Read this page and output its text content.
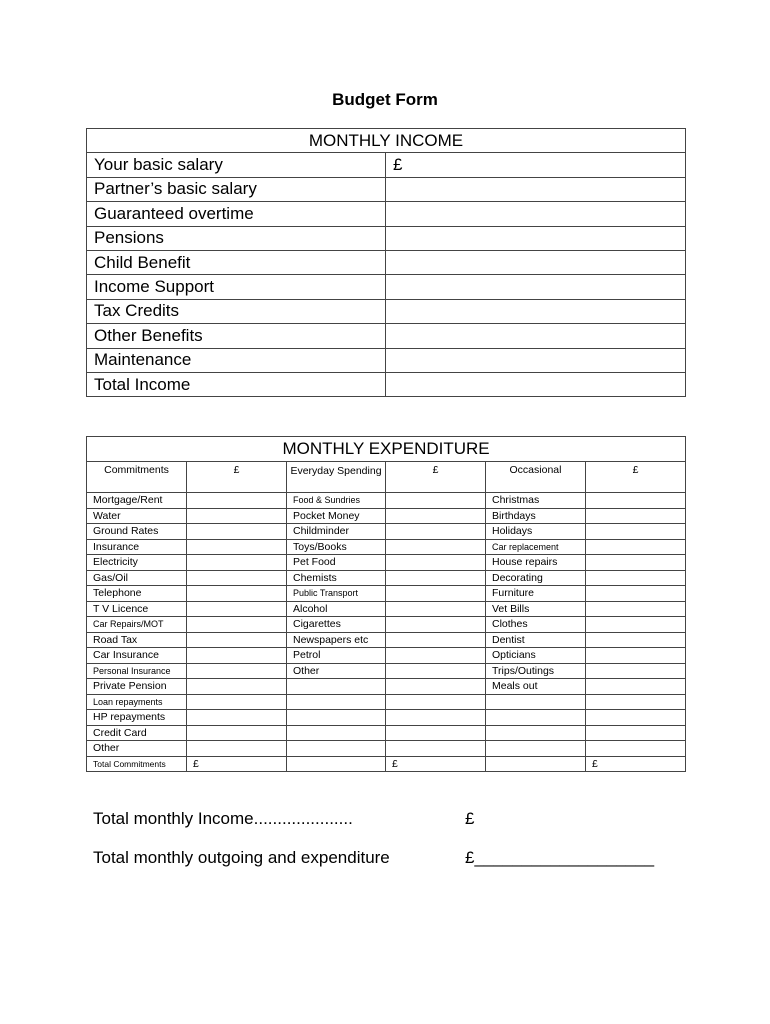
Budget Form
MONTHLY INCOME	
Your basic salary	£
Partner’s basic salary	
Guaranteed overtime	
Pensions	
Child Benefit	
Income Support	
Tax Credits	
Other Benefits	
Maintenance	
Total Income	
MONTHLY EXPENDITURE					
Commitments	£	Everyday Spending	£	Occasional	£
Mortgage/Rent		Food & Sundries		Christmas	
Water		Pocket Money		Birthdays	
Ground Rates		Childminder		Holidays	
Insurance		Toys/Books		Car replacement	
Electricity		Pet Food		House repairs	
Gas/Oil		Chemists		Decorating	
Telephone		Public Transport		Furniture	
T V Licence		Alcohol		Vet Bills	
Car Repairs/MOT		Cigarettes		Clothes	
Road Tax		Newspapers etc		Dentist	
Car Insurance		Petrol		Opticians	
Personal Insurance		Other		Trips/Outings	
Private Pension				Meals out	
Loan repayments					
HP repayments					
Credit Card					
Other					
Total Commitments	£		£		£
Total monthly Income.....................	£
Total monthly outgoing and expenditure	£___________________
